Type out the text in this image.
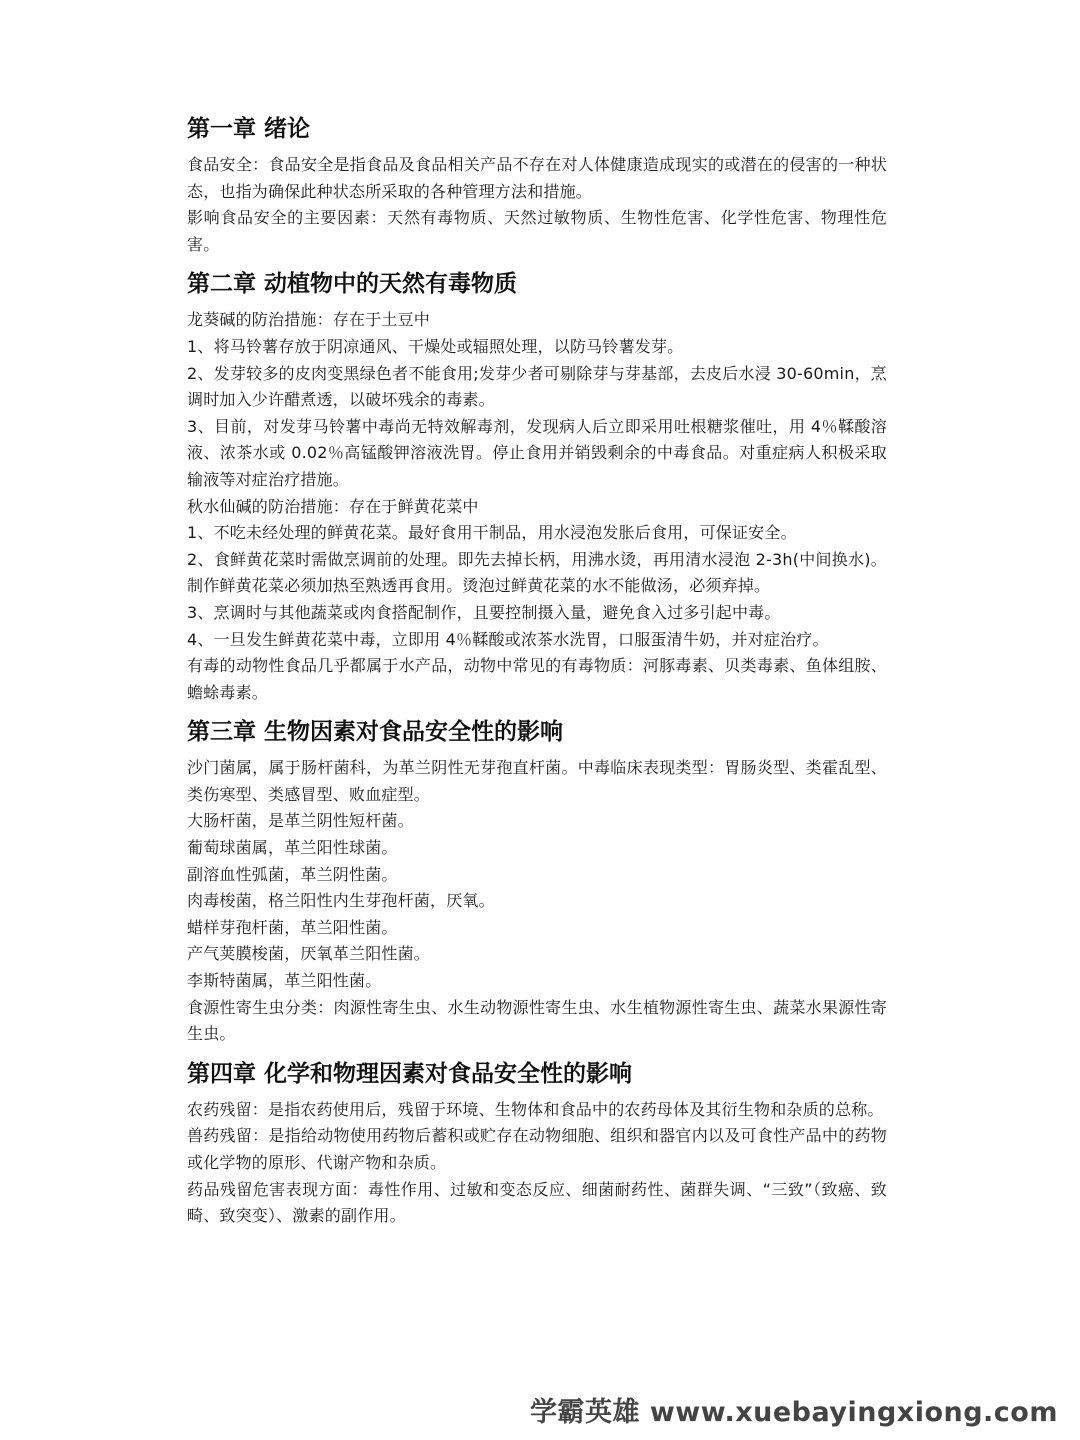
第一章 绪论

食品安全：食品安全是指食品及食品相关产品不存在对人体健康造成现实的或潜在的侵害的一种状态，也指为确保此种状态所采取的各种管理方法和措施。

影响食品安全的主要因素：天然有毒物质、天然过敏物质、生物性危害、化学性危害、物理性危害。

第二章 动植物中的天然有毒物质

龙葵碱的防治措施：存在于土豆中

1、将马铃薯存放于阴凉通风、干燥处或辐照处理，以防马铃薯发芽。

2、发芽较多的皮肉变黑绿色者不能食用;发芽少者可剔除芽与芽基部，去皮后水浸 30-60min，烹调时加入少许醋煮透，以破坏残余的毒素。

3、目前，对发芽马铃薯中毒尚无特效解毒剂，发现病人后立即采用吐根糖浆催吐，用 4％鞣酸溶液、浓茶水或 0.02％高锰酸钾溶液洗胃。停止食用并销毁剩余的中毒食品。对重症病人积极采取输液等对症治疗措施。

秋水仙碱的防治措施：存在于鲜黄花菜中

1、不吃未经处理的鲜黄花菜。最好食用干制品，用水浸泡发胀后食用，可保证安全。

2、食鲜黄花菜时需做烹调前的处理。即先去掉长柄，用沸水烫，再用清水浸泡 2-3h(中间换水)。制作鲜黄花菜必须加热至熟透再食用。烫泡过鲜黄花菜的水不能做汤，必须弃掉。

3、烹调时与其他蔬菜或肉食搭配制作，且要控制摄入量，避免食入过多引起中毒。

4、一旦发生鲜黄花菜中毒，立即用 4％鞣酸或浓茶水洗胃，口服蛋清牛奶，并对症治疗。

有毒的动物性食品几乎都属于水产品，动物中常见的有毒物质：河豚毒素、贝类毒素、鱼体组胺、蟾蜍毒素。

第三章 生物因素对食品安全性的影响

沙门菌属，属于肠杆菌科，为革兰阴性无芽孢直杆菌。中毒临床表现类型：胃肠炎型、类霍乱型、类伤寒型、类感冒型、败血症型。

大肠杆菌，是革兰阴性短杆菌。

葡萄球菌属，革兰阳性球菌。

副溶血性弧菌，革兰阴性菌。

肉毒梭菌，格兰阳性内生芽孢杆菌，厌氧。

蜡样芽孢杆菌，革兰阳性菌。

产气荚膜梭菌，厌氧革兰阳性菌。

李斯特菌属，革兰阳性菌。

食源性寄生虫分类：肉源性寄生虫、水生动物源性寄生虫、水生植物源性寄生虫、蔬菜水果源性寄生虫。

第四章 化学和物理因素对食品安全性的影响

农药残留：是指农药使用后，残留于环境、生物体和食品中的农药母体及其衍生物和杂质的总称。

兽药残留：是指给动物使用药物后蓄积或贮存在动物细胞、组织和器官内以及可食性产品中的药物或化学物的原形、代谢产物和杂质。

药品残留危害表现方面：毒性作用、过敏和变态反应、细菌耐药性、菌群失调、“三致”（致癌、致畸、致突变）、激素的副作用。

学霸英雄 www.xuebayingxiong.com
